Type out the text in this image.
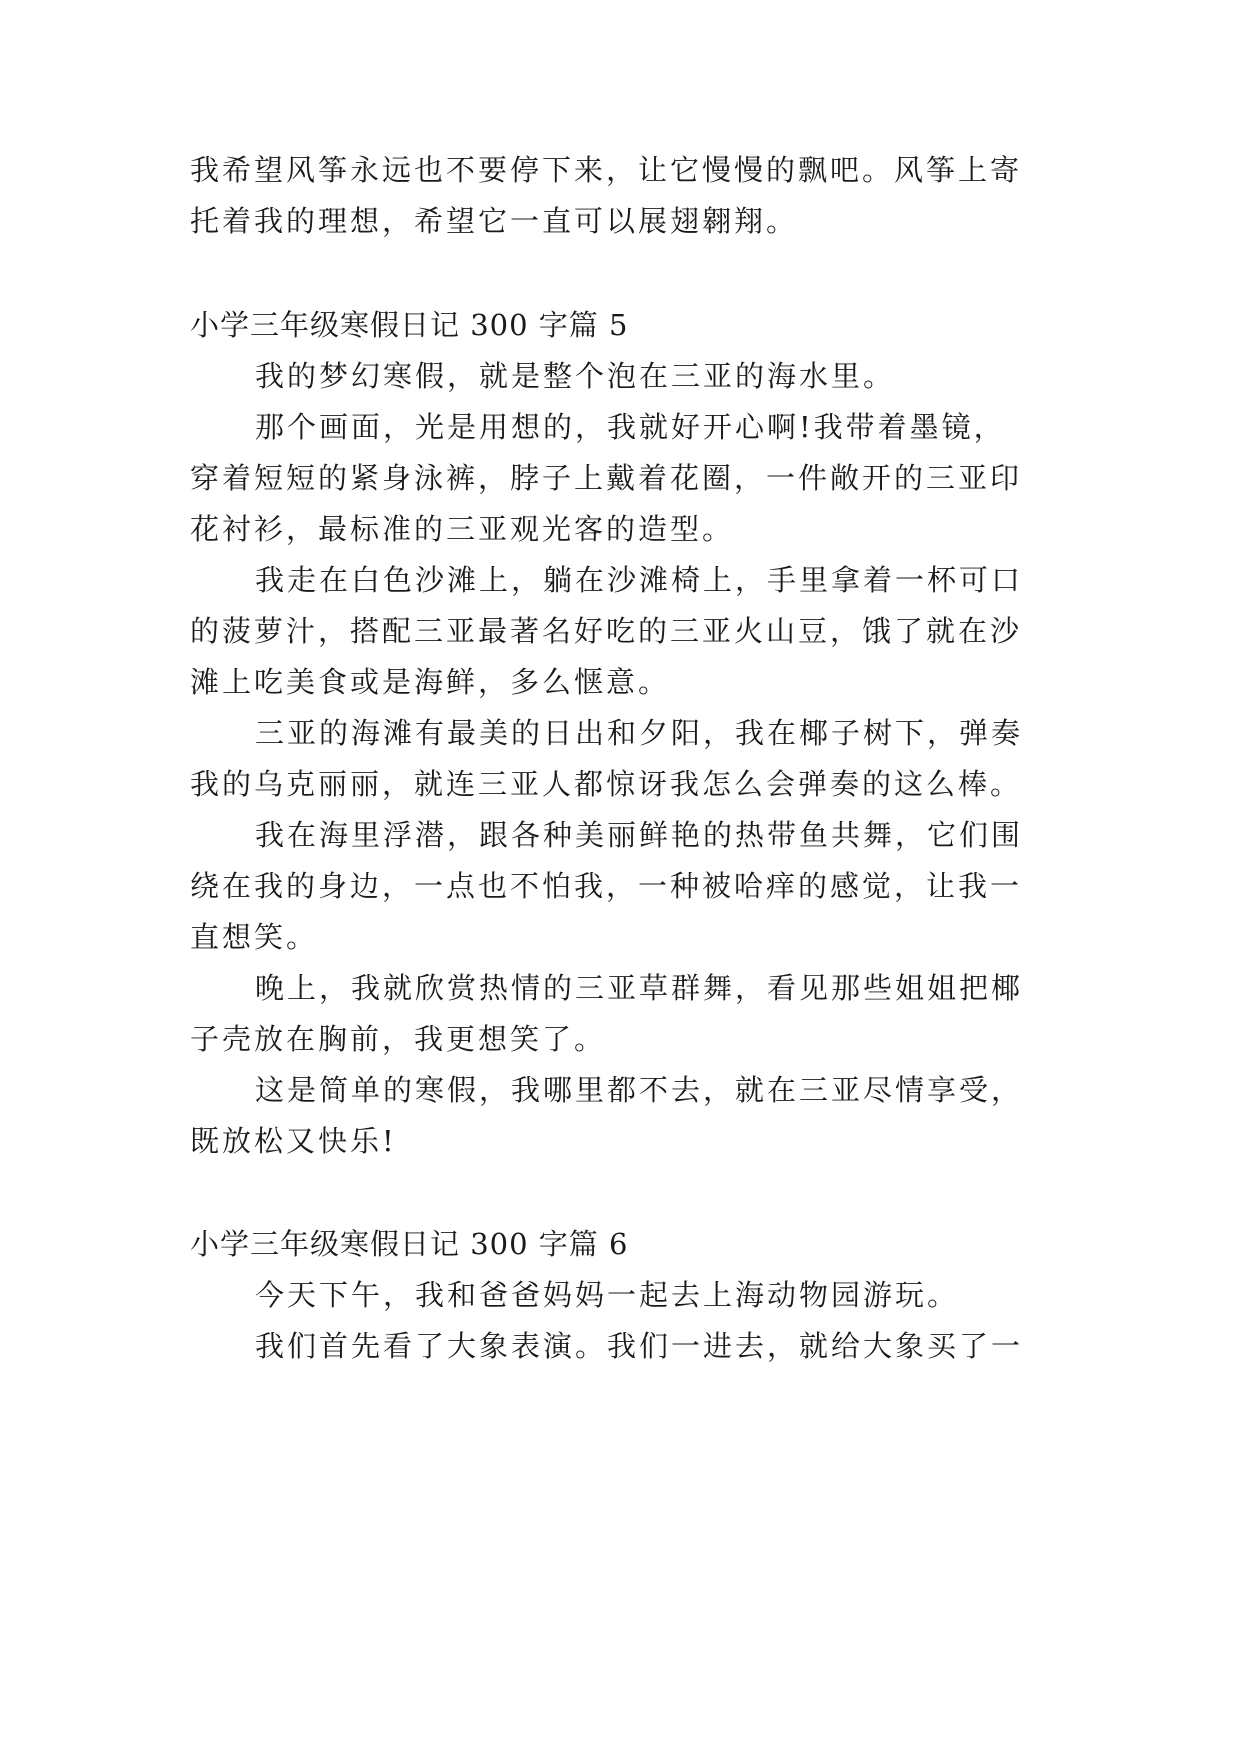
我希望风筝永远也不要停下来，让它慢慢的飘吧。风筝上寄
托着我的理想，希望它一直可以展翅翱翔。
小学三年级寒假日记 300 字篇 5
我的梦幻寒假，就是整个泡在三亚的海水里。
那个画面，光是用想的，我就好开心啊!我带着墨镜，
穿着短短的紧身泳裤，脖子上戴着花圈，一件敞开的三亚印
花衬衫，最标准的三亚观光客的造型。
我走在白色沙滩上，躺在沙滩椅上，手里拿着一杯可口
的菠萝汁，搭配三亚最著名好吃的三亚火山豆，饿了就在沙
滩上吃美食或是海鲜，多么惬意。
三亚的海滩有最美的日出和夕阳，我在椰子树下，弹奏
我的乌克丽丽，就连三亚人都惊讶我怎么会弹奏的这么棒。
我在海里浮潜，跟各种美丽鲜艳的热带鱼共舞，它们围
绕在我的身边，一点也不怕我，一种被哈痒的感觉，让我一
直想笑。
晚上，我就欣赏热情的三亚草群舞，看见那些姐姐把椰
子壳放在胸前，我更想笑了。
这是简单的寒假，我哪里都不去，就在三亚尽情享受，
既放松又快乐!
小学三年级寒假日记 300 字篇 6
今天下午，我和爸爸妈妈一起去上海动物园游玩。
我们首先看了大象表演。我们一进去，就给大象买了一
